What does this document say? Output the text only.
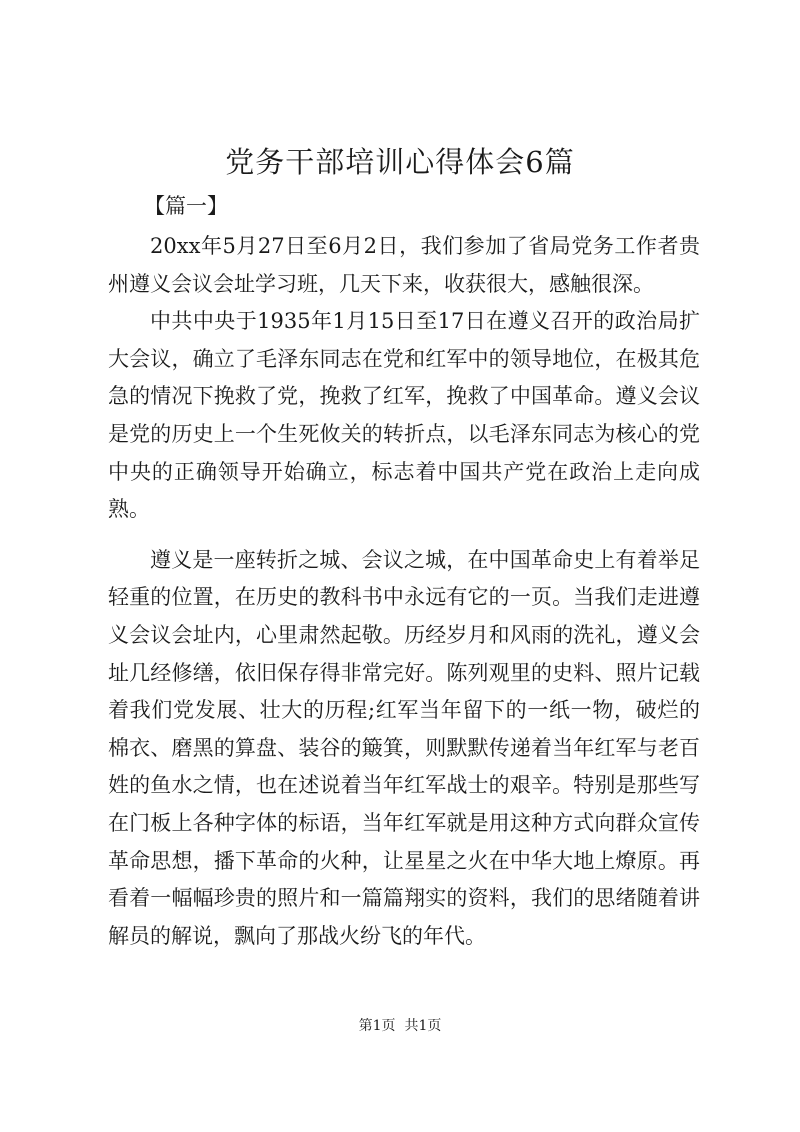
党务干部培训心得体会6篇
【篇一】

20xx年5月27日至6月2日，我们参加了省局党务工作者贵州遵义会议会址学习班，几天下来，收获很大，感触很深。

中共中央于1935年1月15日至17日在遵义召开的政治局扩大会议，确立了毛泽东同志在党和红军中的领导地位，在极其危急的情况下挽救了党，挽救了红军，挽救了中国革命。遵义会议是党的历史上一个生死攸关的转折点，以毛泽东同志为核心的党中央的正确领导开始确立，标志着中国共产党在政治上走向成熟。

遵义是一座转折之城、会议之城，在中国革命史上有着举足轻重的位置，在历史的教科书中永远有它的一页。当我们走进遵义会议会址内，心里肃然起敬。历经岁月和风雨的洗礼，遵义会址几经修缮，依旧保存得非常完好。陈列观里的史料、照片记载着我们党发展、壮大的历程;红军当年留下的一纸一物，破烂的棉衣、磨黑的算盘、装谷的簸箕，则默默传递着当年红军与老百姓的鱼水之情，也在述说着当年红军战士的艰辛。特别是那些写在门板上各种字体的标语，当年红军就是用这种方式向群众宣传革命思想，播下革命的火种，让星星之火在中华大地上燎原。再看着一幅幅珍贵的照片和一篇篇翔实的资料，我们的思绪随着讲解员的解说，飘向了那战火纷飞的年代。

第1页 共1页
